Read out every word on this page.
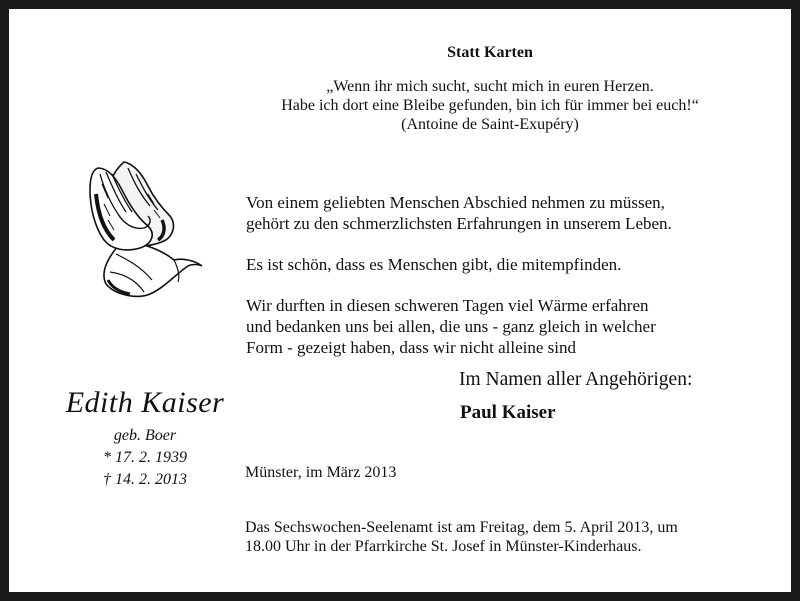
Statt Karten
„Wenn ihr mich sucht, sucht mich in euren Herzen.
Habe ich dort eine Bleibe gefunden, bin ich für immer bei euch!“
(Antoine de Saint-Exupéry)

Von einem geliebten Menschen Abschied nehmen zu müssen,
gehört zu den schmerzlichsten Erfahrungen in unserem Leben.

Es ist schön, dass es Menschen gibt, die mitempfinden.

Wir durften in diesen schweren Tagen viel Wärme erfahren
und bedanken uns bei allen, die uns - ganz gleich in welcher
Form - gezeigt haben, dass wir nicht alleine sind

Im Namen aller Angehörigen:
Paul Kaiser
Edith Kaiser
geb. Boer
* 17. 2. 1939
† 14. 2. 2013	Münster, im März 2013
Das Sechswochen-Seelenamt ist am Freitag, dem 5. April 2013, um
18.00 Uhr in der Pfarrkirche St. Josef in Münster-Kinderhaus.
